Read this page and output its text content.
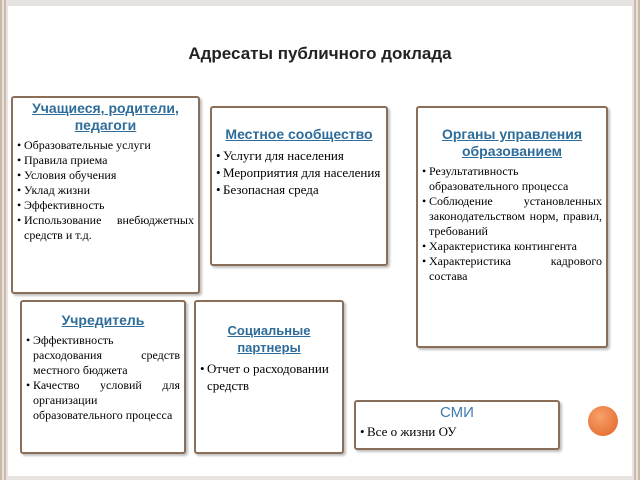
Адресаты публичного доклада
Учащиеся, родители, педагоги
• Образовательные услуги
• Правила приема
• Условия обучения
• Уклад жизни
• Эффективность
• Использование внебюджетных средств и т.д.
Местное сообщество
• Услуги для населения
• Мероприятия для населения
• Безопасная среда
Органы управления образованием
• Результативность образовательного процесса
• Соблюдение установленных законодательством норм, правил, требований
• Характеристика контингента
• Характеристика кадрового состава
Учредитель
• Эффективность расходования средств местного бюджета
• Качество условий для организации образовательного процесса
Социальные партнеры
• Отчет о расходовании средств
СМИ
• Все о жизни ОУ
